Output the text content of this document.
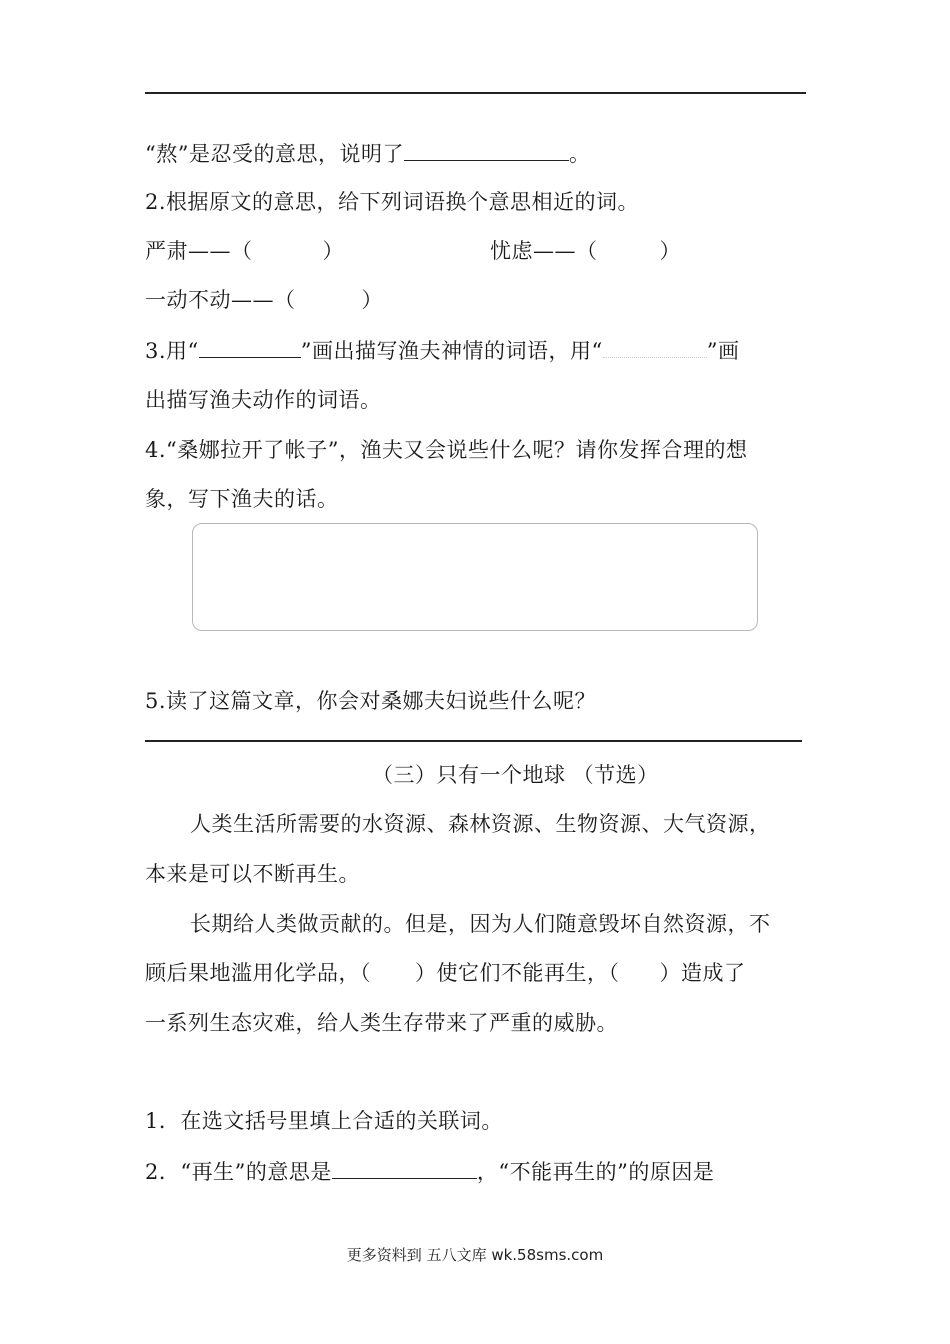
“熬”是忍受的意思，说明了	。
2.根据原文的意思，给下列词语换个意思相近的词。
严肃——（	）	忧虑——（	）
一动不动——（	）
3.用“	”画出描写渔夫神情的词语，用“	”画
出描写渔夫动作的词语。
4.“桑娜拉开了帐子”，渔夫又会说些什么呢？请你发挥合理的想
象，写下渔夫的话。
5.读了这篇文章，你会对桑娜夫妇说些什么呢？
（三）只有一个地球 （节选）
人类生活所需要的水资源、森林资源、生物资源、大气资源，
本来是可以不断再生。
长期给人类做贡献的。但是，因为人们随意毁坏自然资源，不
顾后果地滥用化学品，（ ）使它们不能再生，（ ）造成了
一系列生态灾难，给人类生存带来了严重的威胁。
1．在选文括号里填上合适的关联词。
2．“再生”的意思是	，“不能再生的”的原因是
更多资料到 五八文库 wk.58sms.com
